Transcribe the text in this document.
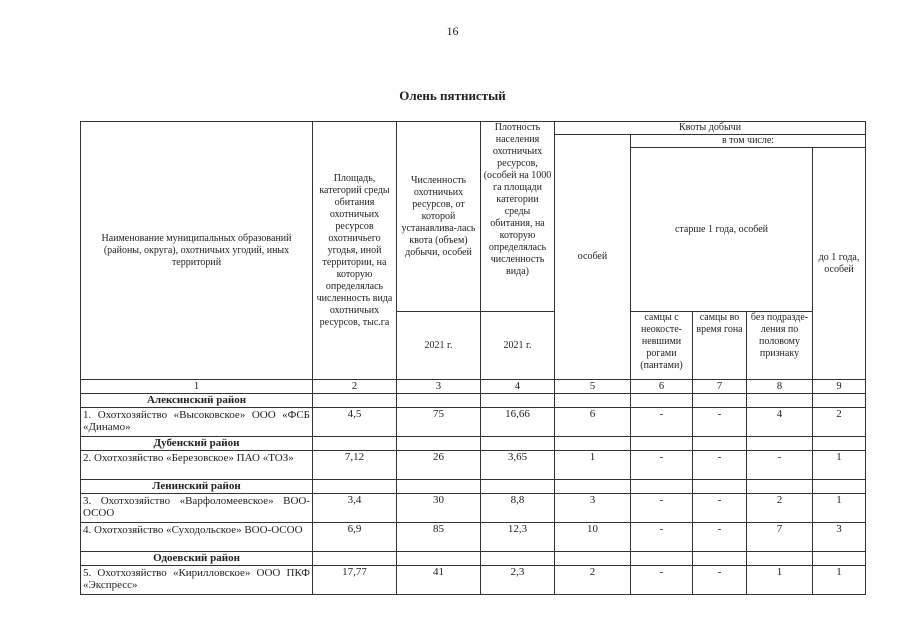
16
Олень пятнистый
Наименование муниципальных образований (районы, округа), охотничьих угодий, иных территорий	Площадь, категорий среды обитания охотничьих ресурсов охотничьего угодья, иной территории, на которую определялась численность вида охотничьих ресурсов, тыс.га	Численность охотничьих ресурсов, от которой устанавлива-лась квота (объем) добычи, особей	Плотность населения охотничьих ресурсов, (особей на 1000 га площади категории среды обитания, на которую определялась численность вида)	Квоты добычи				
				особей	в том числе:			
					старше 1 года, особей			до 1 года, особей
		2021 г.	2021 г.		самцы с неокосте-невшими рогами (пантами)	самцы во время гона	без подразде-ления по половому признаку	
1	2	3	4	5	6	7	8	9
Алексинский район								
1. Охотхозяйство «Высоковское» ООО «ФСБ «Динамо»	4,5	75	16,66	6	-	-	4	2
Дубенский район								
2. Охотхозяйство «Березовское» ПАО «ТОЗ»	7,12	26	3,65	1	-	-	-	1
Ленинский район								
3. Охотхозяйство «Варфоломеевское» ВОО-ОСОО	3,4	30	8,8	3	-	-	2	1
4. Охотхозяйство «Суходольское» ВОО-ОСОО	6,9	85	12,3	10	-	-	7	3
Одоевский район								
5. Охотхозяйство «Кирилловское» ООО ПКФ «Экспресс»	17,77	41	2,3	2	-	-	1	1
